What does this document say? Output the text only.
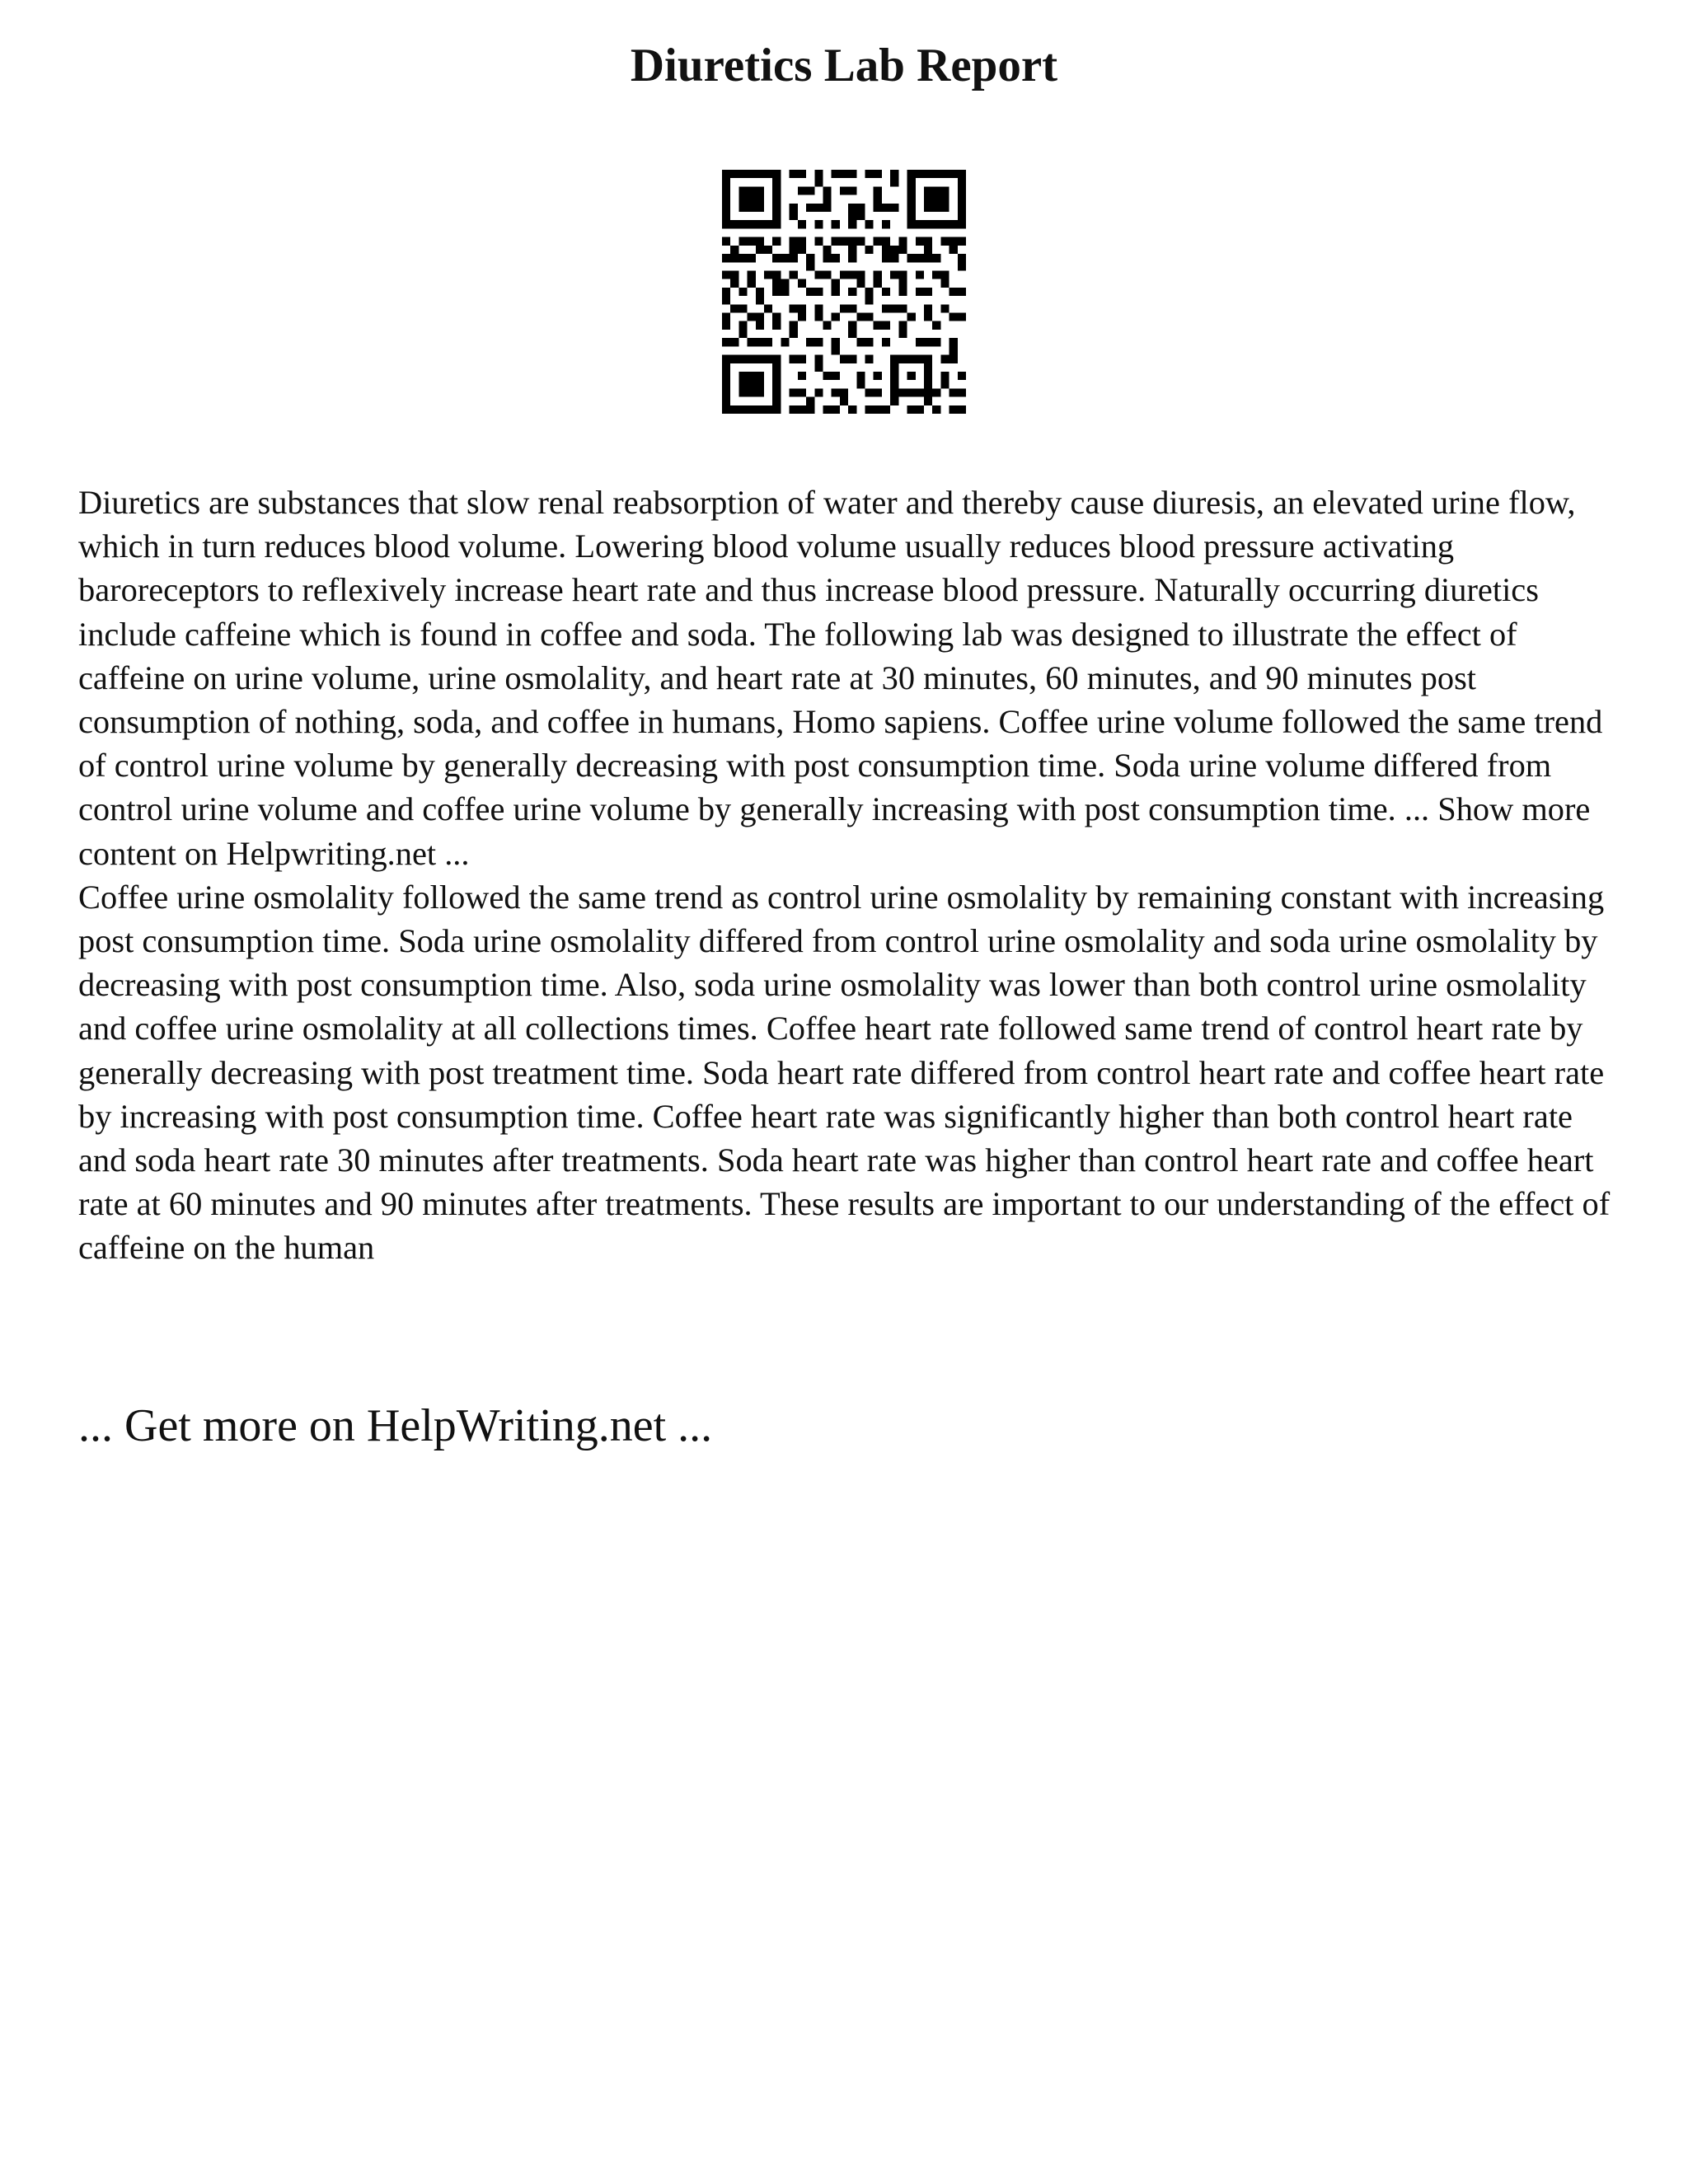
Diuretics Lab Report
Diuretics are substances that slow renal reabsorption of water and thereby cause diuresis, an elevated urine flow, which in turn reduces blood volume. Lowering blood volume usually reduces blood pressure activating baroreceptors to reflexively increase heart rate and thus increase blood pressure. Naturally occurring diuretics include caffeine which is found in coffee and soda. The following lab was designed to illustrate the effect of caffeine on urine volume, urine osmolality, and heart rate at 30 minutes, 60 minutes, and 90 minutes post consumption of nothing, soda, and coffee in humans, Homo sapiens. Coffee urine volume followed the same trend of control urine volume by generally decreasing with post consumption time. Soda urine volume differed from control urine volume and coffee urine volume by generally increasing with post consumption time. ... Show more content on Helpwriting.net ...
Coffee urine osmolality followed the same trend as control urine osmolality by remaining constant with increasing post consumption time. Soda urine osmolality differed from control urine osmolality and soda urine osmolality by decreasing with post consumption time. Also, soda urine osmolality was lower than both control urine osmolality and coffee urine osmolality at all collections times. Coffee heart rate followed same trend of control heart rate by generally decreasing with post treatment time. Soda heart rate differed from control heart rate and coffee heart rate by increasing with post consumption time. Coffee heart rate was significantly higher than both control heart rate and soda heart rate 30 minutes after treatments. Soda heart rate was higher than control heart rate and coffee heart rate at 60 minutes and 90 minutes after treatments. These results are important to our understanding of the effect of caffeine on the human

... Get more on HelpWriting.net ...
